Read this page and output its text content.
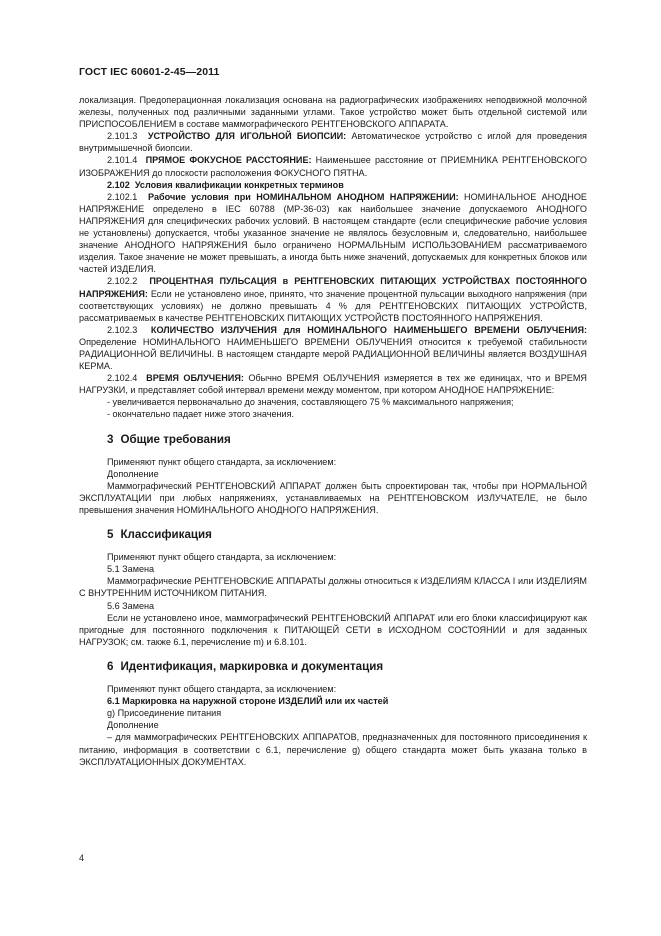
ГОСТ IEC 60601-2-45—2011

локализация. Предоперационная локализация основана на радиографических изображениях неподвижной молочной железы, полученных под различными заданными углами. Такое устройство может быть отдельной системой или ПРИСПОСОБЛЕНИЕМ в составе маммографического РЕНТГЕНОВСКОГО АППАРАТА.

2.101.3 УСТРОЙСТВО ДЛЯ ИГОЛЬНОЙ БИОПСИИ: Автоматическое устройство с иглой для проведения внутримышечной биопсии.

2.101.4 ПРЯМОЕ ФОКУСНОЕ РАССТОЯНИЕ: Наименьшее расстояние от ПРИЕМНИКА РЕНТГЕНОВСКОГО ИЗОБРАЖЕНИЯ до плоскости расположения ФОКУСНОГО ПЯТНА.

2.102 Условия квалификации конкретных терминов

2.102.1 Рабочие условия при НОМИНАЛЬНОМ АНОДНОМ НАПРЯЖЕНИИ: НОМИНАЛЬНОЕ АНОДНОЕ НАПРЯЖЕНИЕ определено в IEC 60788 (МР-36-03) как наибольшее значение допускаемого АНОДНОГО НАПРЯЖЕНИЯ для специфических рабочих условий. В настоящем стандарте (если специфические рабочие условия не установлены) допускается, чтобы указанное значение не являлось безусловным и, следовательно, наибольшее значение АНОДНОГО НАПРЯЖЕНИЯ было ограничено НОРМАЛЬНЫМ ИСПОЛЬЗОВАНИЕМ рассматриваемого изделия. Такое значение не может превышать, а иногда быть ниже значений, допускаемых для конкретных блоков или частей ИЗДЕЛИЯ.

2.102.2 ПРОЦЕНТНАЯ ПУЛЬСАЦИЯ в РЕНТГЕНОВСКИХ ПИТАЮЩИХ УСТРОЙСТВАХ ПОСТОЯННОГО НАПРЯЖЕНИЯ: Если не установлено иное, принято, что значение процентной пульсации выходного напряжения (при соответствующих условиях) не должно превышать 4 % для РЕНТГЕНОВСКИХ ПИТАЮЩИХ УСТРОЙСТВ, рассматриваемых в качестве РЕНТГЕНОВСКИХ ПИТАЮЩИХ УСТРОЙСТВ ПОСТОЯННОГО НАПРЯЖЕНИЯ.

2.102.3 КОЛИЧЕСТВО ИЗЛУЧЕНИЯ для НОМИНАЛЬНОГО НАИМЕНЬШЕГО ВРЕМЕНИ ОБЛУЧЕНИЯ: Определение НОМИНАЛЬНОГО НАИМЕНЬШЕГО ВРЕМЕНИ ОБЛУЧЕНИЯ относится к требуемой стабильности РАДИАЦИОННОЙ ВЕЛИЧИНЫ. В настоящем стандарте мерой РАДИАЦИОННОЙ ВЕЛИЧИНЫ является ВОЗДУШНАЯ КЕРМА.

2.102.4 ВРЕМЯ ОБЛУЧЕНИЯ: Обычно ВРЕМЯ ОБЛУЧЕНИЯ измеряется в тех же единицах, что и ВРЕМЯ НАГРУЗКИ, и представляет собой интервал времени между моментом, при котором АНОДНОЕ НАПРЯЖЕНИЕ:

- увеличивается первоначально до значения, составляющего 75 % максимального напряжения;

- окончательно падает ниже этого значения.

3 Общие требования

Применяют пункт общего стандарта, за исключением:

Дополнение

Маммографический РЕНТГЕНОВСКИЙ АППАРАТ должен быть спроектирован так, чтобы при НОРМАЛЬНОЙ ЭКСПЛУАТАЦИИ при любых напряжениях, устанавливаемых на РЕНТГЕНОВСКОМ ИЗЛУЧАТЕЛЕ, не было превышения значения НОМИНАЛЬНОГО АНОДНОГО НАПРЯЖЕНИЯ.

5 Классификация

Применяют пункт общего стандарта, за исключением:

5.1 Замена

Маммографические РЕНТГЕНОВСКИЕ АППАРАТЫ должны относиться к ИЗДЕЛИЯМ КЛАССА I или ИЗДЕЛИЯМ С ВНУТРЕННИМ ИСТОЧНИКОМ ПИТАНИЯ.

5.6 Замена

Если не установлено иное, маммографический РЕНТГЕНОВСКИЙ АППАРАТ или его блоки классифицируют как пригодные для постоянного подключения к ПИТАЮЩЕЙ СЕТИ в ИСХОДНОМ СОСТОЯНИИ и для заданных НАГРУЗОК; см. также 6.1, перечисление m) и 6.8.101.

6 Идентификация, маркировка и документация

Применяют пункт общего стандарта, за исключением:

6.1 Маркировка на наружной стороне ИЗДЕЛИЙ или их частей

g) Присоединение питания

Дополнение

– для маммографических РЕНТГЕНОВСКИХ АППАРАТОВ, предназначенных для постоянного присоединения к питанию, информация в соответствии с 6.1, перечисление g) общего стандарта может быть указана только в ЭКСПЛУАТАЦИОННЫХ ДОКУМЕНТАХ.

4
